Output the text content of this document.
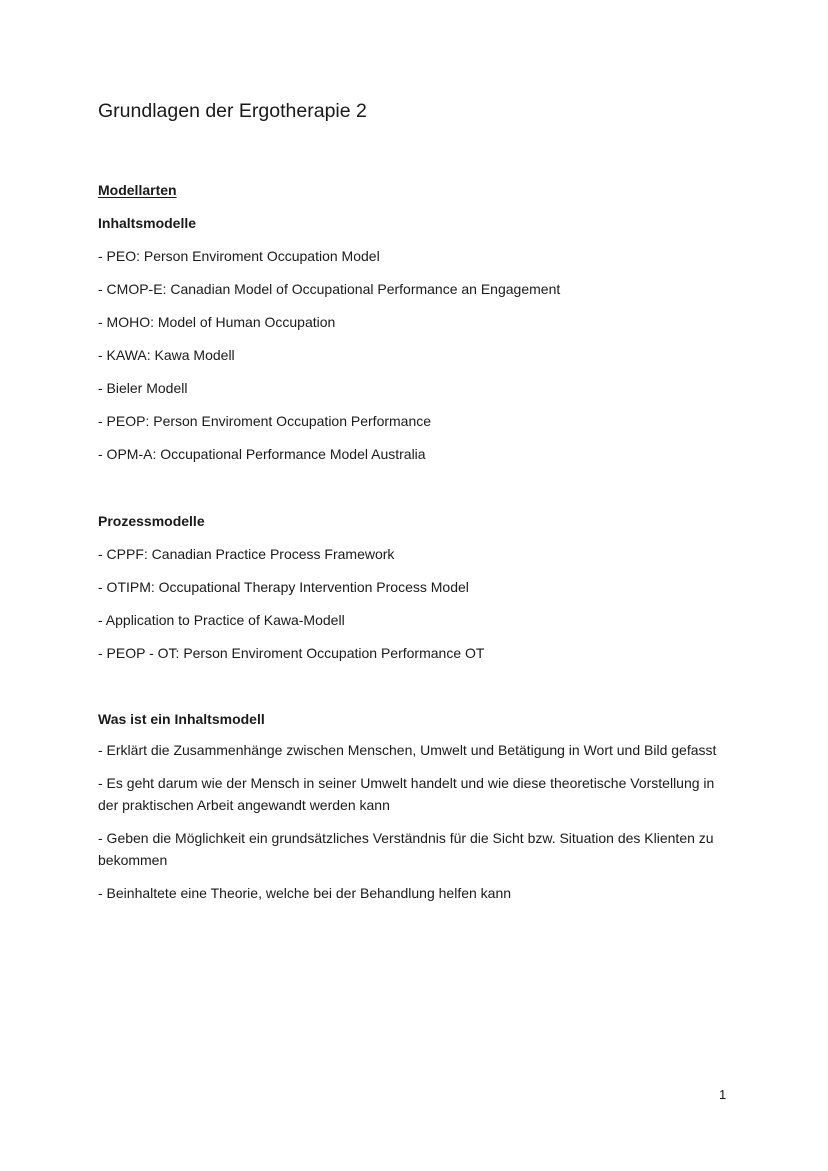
Grundlagen der Ergotherapie 2

Modellarten

Inhaltsmodelle

- PEO: Person Enviroment Occupation Model
- CMOP-E: Canadian Model of Occupational Performance an Engagement
- MOHO: Model of Human Occupation
- KAWA: Kawa Modell
- Bieler Modell
- PEOP: Person Enviroment Occupation Performance
- OPM-A: Occupational Performance Model Australia

Prozessmodelle

- CPPF: Canadian Practice Process Framework
- OTIPM: Occupational Therapy Intervention Process Model
- Application to Practice of Kawa-Modell
- PEOP - OT: Person Enviroment Occupation Performance OT

Was ist ein Inhaltsmodell

- Erklärt die Zusammenhänge zwischen Menschen, Umwelt und Betätigung in Wort und Bild gefasst
- Es geht darum wie der Mensch in seiner Umwelt handelt und wie diese theoretische Vorstellung in der praktischen Arbeit angewandt werden kann
- Geben die Möglichkeit ein grundsätzliches Verständnis für die Sicht bzw. Situation des Klienten zu bekommen
- Beinhaltete eine Theorie, welche bei der Behandlung helfen kann
1
